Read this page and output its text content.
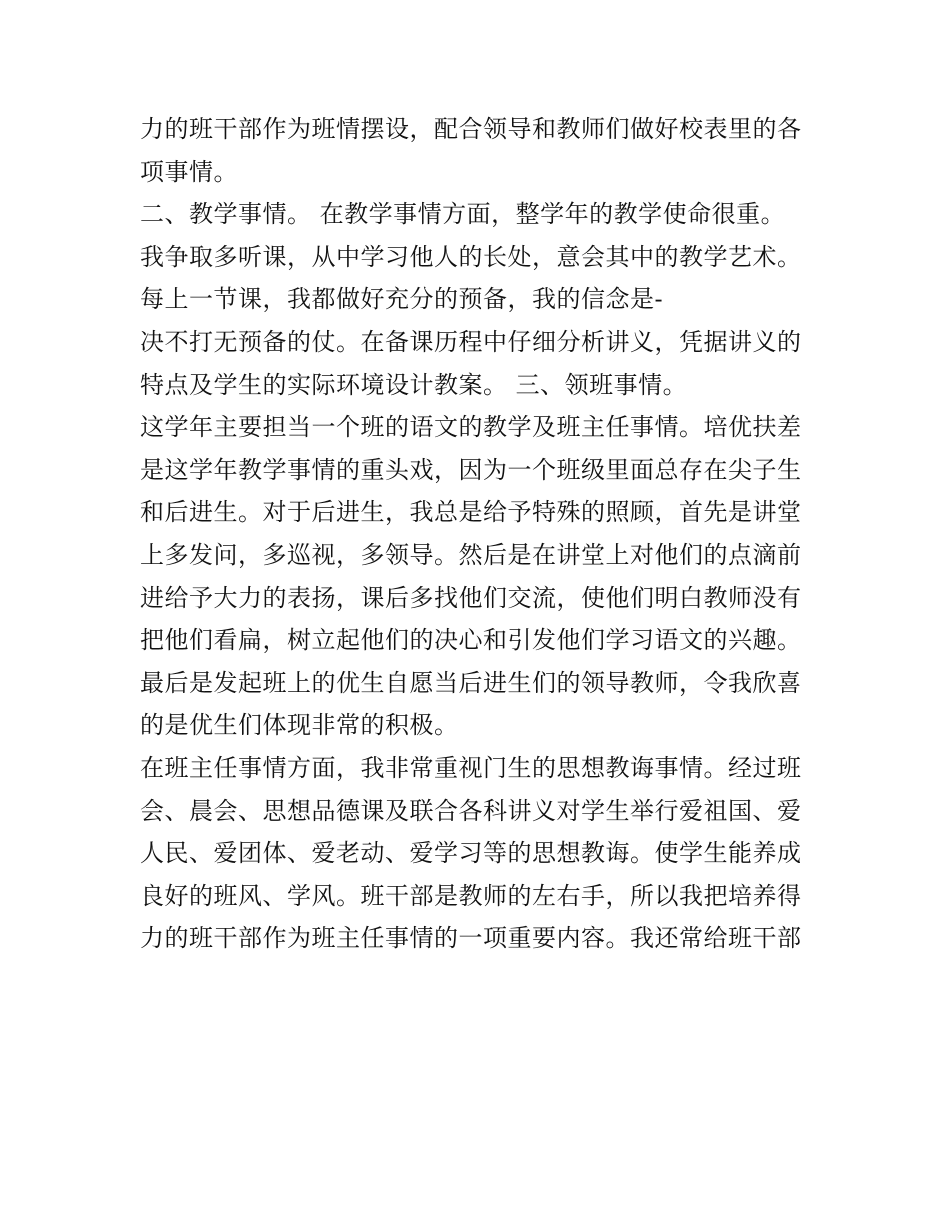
力的班干部作为班情摆设，配合领导和教师们做好校表里的各
项事情。
二、教学事情。 在教学事情方面，整学年的教学使命很重。
我争取多听课，从中学习他人的长处，意会其中的教学艺术。
每上一节课，我都做好充分的预备，我的信念是-
决不打无预备的仗。在备课历程中仔细分析讲义，凭据讲义的
特点及学生的实际环境设计教案。 三、领班事情。
这学年主要担当一个班的语文的教学及班主任事情。培优扶差
是这学年教学事情的重头戏，因为一个班级里面总存在尖子生
和后进生。对于后进生，我总是给予特殊的照顾，首先是讲堂
上多发问，多巡视，多领导。然后是在讲堂上对他们的点滴前
进给予大力的表扬，课后多找他们交流，使他们明白教师没有
把他们看扁，树立起他们的决心和引发他们学习语文的兴趣。
最后是发起班上的优生自愿当后进生们的领导教师，令我欣喜
的是优生们体现非常的积极。
在班主任事情方面，我非常重视门生的思想教诲事情。经过班
会、晨会、思想品德课及联合各科讲义对学生举行爱祖国、爱
人民、爱团体、爱老动、爱学习等的思想教诲。使学生能养成
良好的班风、学风。班干部是教师的左右手，所以我把培养得
力的班干部作为班主任事情的一项重要内容。我还常给班干部
